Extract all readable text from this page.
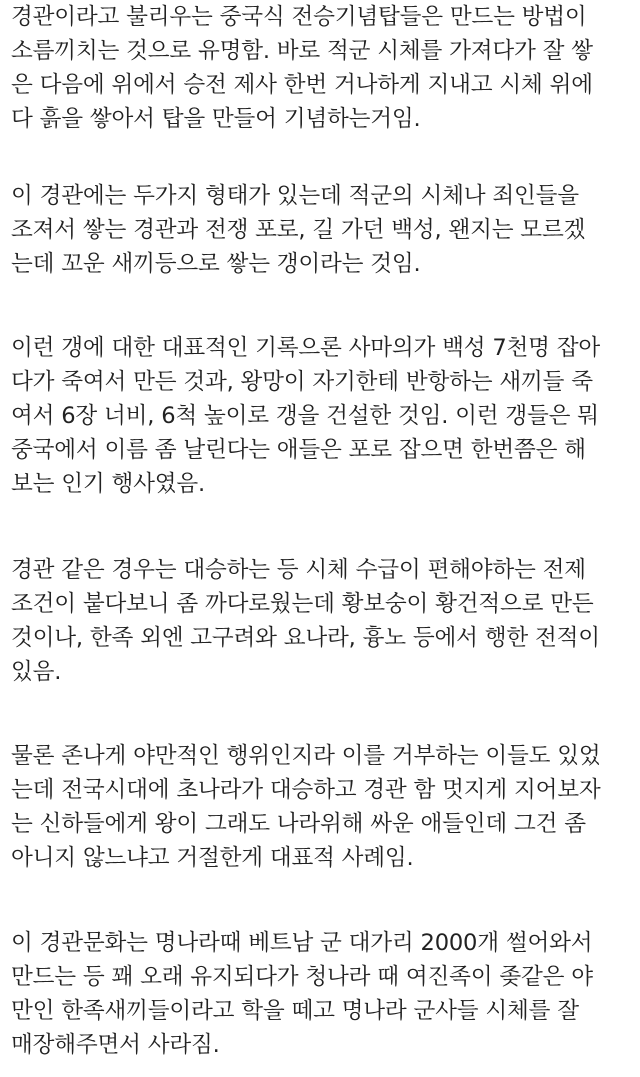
경관이라고 불리우는 중국식 전승기념탑들은 만드는 방법이
소름끼치는 것으로 유명함. 바로 적군 시체를 가져다가 잘 쌓
은 다음에 위에서 승전 제사 한번 거나하게 지내고 시체 위에
다 흙을 쌓아서 탑을 만들어 기념하는거임.

이 경관에는 두가지 형태가 있는데 적군의 시체나 죄인들을
조져서 쌓는 경관과 전쟁 포로, 길 가던 백성, 왠지는 모르겠
는데 꼬운 새끼등으로 쌓는 갱이라는 것임.

이런 갱에 대한 대표적인 기록으론 사마의가 백성 7천명 잡아
다가 죽여서 만든 것과, 왕망이 자기한테 반항하는 새끼들 죽
여서 6장 너비, 6척 높이로 갱을 건설한 것임. 이런 갱들은 뭐
중국에서 이름 좀 날린다는 애들은 포로 잡으면 한번쯤은 해
보는 인기 행사였음.

경관 같은 경우는 대승하는 등 시체 수급이 편해야하는 전제
조건이 붙다보니 좀 까다로웠는데 황보숭이 황건적으로 만든
것이나, 한족 외엔 고구려와 요나라, 흉노 등에서 행한 전적이
있음.

물론 존나게 야만적인 행위인지라 이를 거부하는 이들도 있었
는데 전국시대에 초나라가 대승하고 경관 함 멋지게 지어보자
는 신하들에게 왕이 그래도 나라위해 싸운 애들인데 그건 좀
아니지 않느냐고 거절한게 대표적 사례임.

이 경관문화는 명나라때 베트남 군 대가리 2000개 썰어와서
만드는 등 꽤 오래 유지되다가 청나라 때 여진족이 좆같은 야
만인 한족새끼들이라고 학을 떼고 명나라 군사들 시체를 잘
매장해주면서 사라짐.
